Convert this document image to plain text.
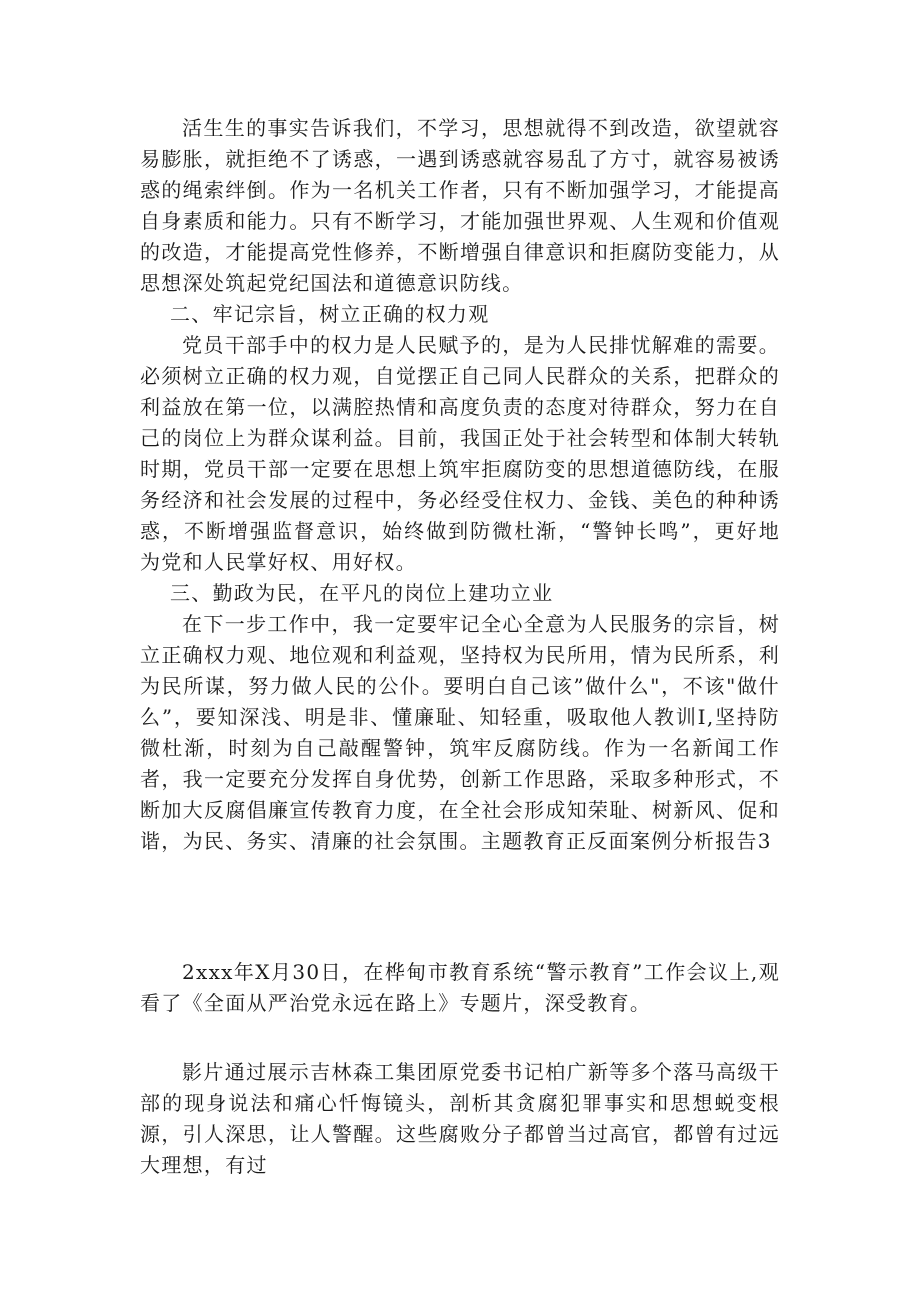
活生生的事实告诉我们，不学习，思想就得不到改造，欲望就容易膨胀，就拒绝不了诱惑，一遇到诱惑就容易乱了方寸，就容易被诱惑的绳索绊倒。作为一名机关工作者，只有不断加强学习，才能提高自身素质和能力。只有不断学习，才能加强世界观、人生观和价值观的改造，才能提高党性修养，不断增强自律意识和拒腐防变能力，从思想深处筑起党纪国法和道德意识防线。

二、牢记宗旨，树立正确的权力观

党员干部手中的权力是人民赋予的，是为人民排忧解难的需要。必须树立正确的权力观，自觉摆正自己同人民群众的关系，把群众的利益放在第一位，以满腔热情和高度负责的态度对待群众，努力在自己的岗位上为群众谋利益。目前，我国正处于社会转型和体制大转轨时期，党员干部一定要在思想上筑牢拒腐防变的思想道德防线，在服务经济和社会发展的过程中，务必经受住权力、金钱、美色的种种诱惑，不断增强监督意识，始终做到防微杜渐，“警钟长鸣”，更好地为党和人民掌好权、用好权。

三、勤政为民，在平凡的岗位上建功立业

在下一步工作中，我一定要牢记全心全意为人民服务的宗旨，树立正确权力观、地位观和利益观，坚持权为民所用，情为民所系，利为民所谋，努力做人民的公仆。要明白自己该”做什么"，不该"做什么”，要知深浅、明是非、懂廉耻、知轻重，吸取他人教训I,坚持防微杜渐，时刻为自己敲醒警钟，筑牢反腐防线。作为一名新闻工作者，我一定要充分发挥自身优势，创新工作思路，采取多种形式，不断加大反腐倡廉宣传教育力度，在全社会形成知荣耻、树新风、促和谐，为民、务实、清廉的社会氛围。主题教育正反面案例分析报告3

2xxx年X月30日，在桦甸市教育系统“警示教育”工作会议上,观看了《全面从严治党永远在路上》专题片，深受教育。

影片通过展示吉林森工集团原党委书记柏广新等多个落马高级干部的现身说法和痛心忏悔镜头，剖析其贪腐犯罪事实和思想蜕变根源，引人深思，让人警醒。这些腐败分子都曾当过高官，都曾有过远大理想，有过
